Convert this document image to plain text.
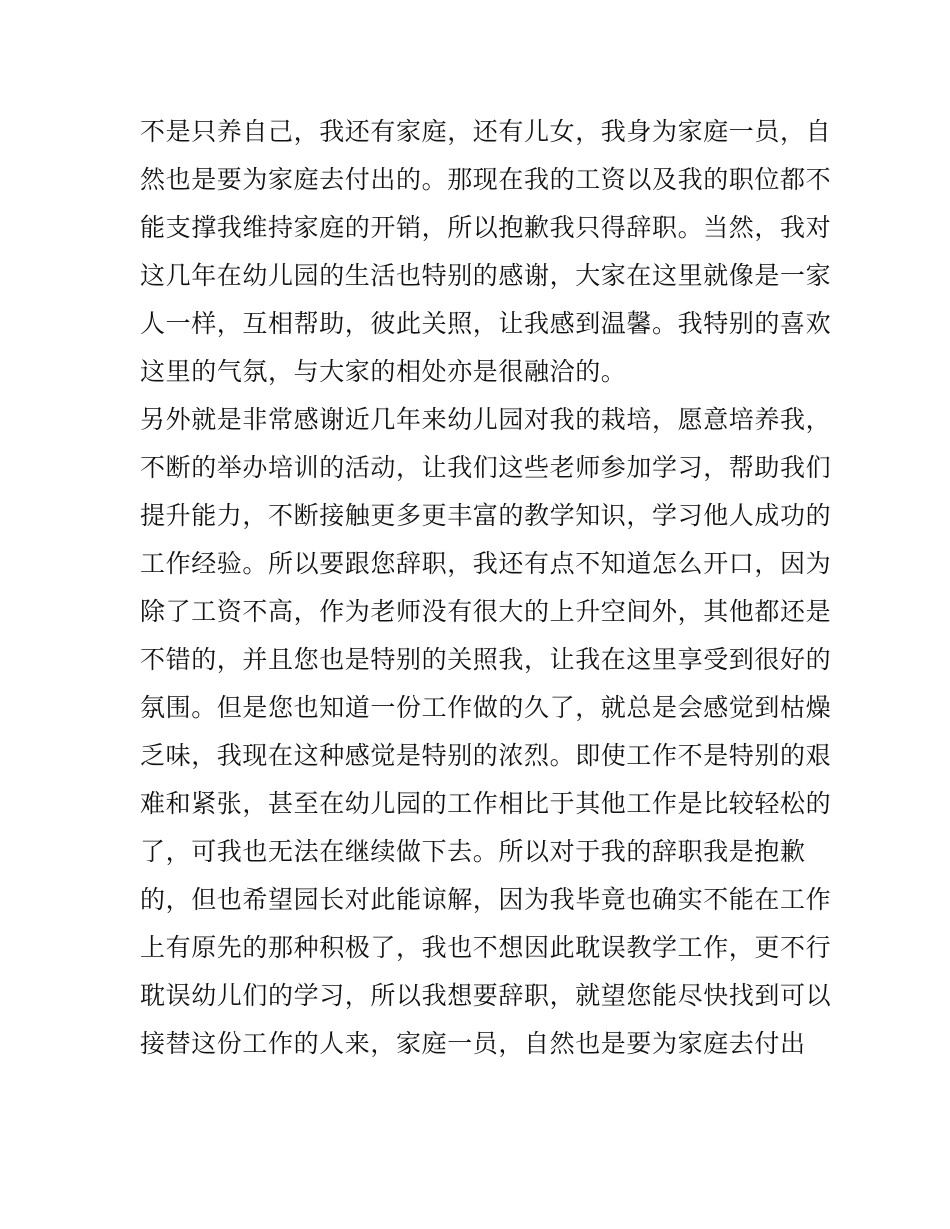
不是只养自己，我还有家庭，还有儿女，我身为家庭一员，自
然也是要为家庭去付出的。那现在我的工资以及我的职位都不
能支撑我维持家庭的开销，所以抱歉我只得辞职。当然，我对
这几年在幼儿园的生活也特别的感谢，大家在这里就像是一家
人一样，互相帮助，彼此关照，让我感到温馨。我特别的喜欢
这里的气氛，与大家的相处亦是很融洽的。
另外就是非常感谢近几年来幼儿园对我的栽培，愿意培养我，
不断的举办培训的活动，让我们这些老师参加学习，帮助我们
提升能力，不断接触更多更丰富的教学知识，学习他人成功的
工作经验。所以要跟您辞职，我还有点不知道怎么开口，因为
除了工资不高，作为老师没有很大的上升空间外，其他都还是
不错的，并且您也是特别的关照我，让我在这里享受到很好的
氛围。但是您也知道一份工作做的久了，就总是会感觉到枯燥
乏味，我现在这种感觉是特别的浓烈。即使工作不是特别的艰
难和紧张，甚至在幼儿园的工作相比于其他工作是比较轻松的
了，可我也无法在继续做下去。所以对于我的辞职我是抱歉
的，但也希望园长对此能谅解，因为我毕竟也确实不能在工作
上有原先的那种积极了，我也不想因此耽误教学工作，更不行
耽误幼儿们的学习，所以我想要辞职，就望您能尽快找到可以
接替这份工作的人来，家庭一员，自然也是要为家庭去付出
